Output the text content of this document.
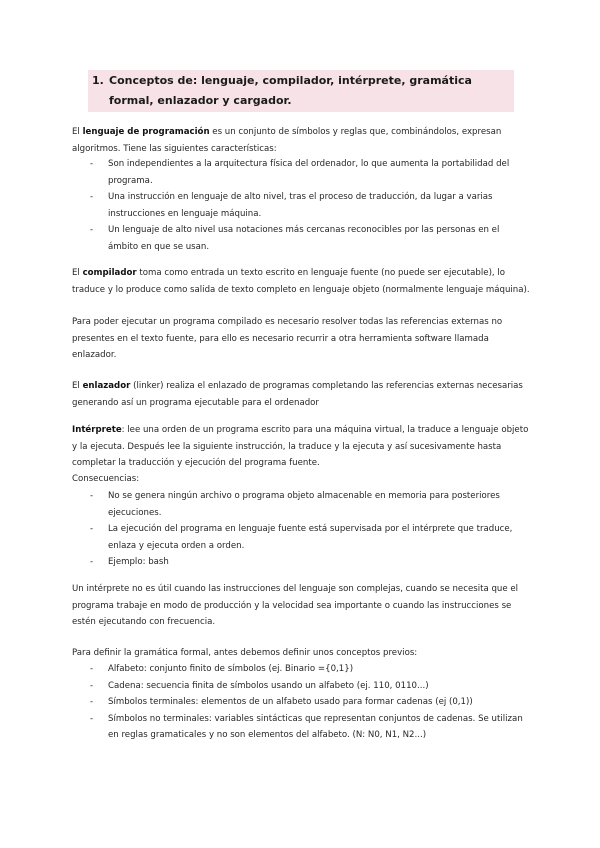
1. Conceptos de: lenguaje, compilador, intérprete, gramática formal, enlazador y cargador.

El lenguaje de programación es un conjunto de símbolos y reglas que, combinándolos, expresan algoritmos. Tiene las siguientes características:

- Son independientes a la arquitectura física del ordenador, lo que aumenta la portabilidad del programa.
- Una instrucción en lenguaje de alto nivel, tras el proceso de traducción, da lugar a varias instrucciones en lenguaje máquina.
- Un lenguaje de alto nivel usa notaciones más cercanas reconocibles por las personas en el ámbito en que se usan.

El compilador toma como entrada un texto escrito en lenguaje fuente (no puede ser ejecutable), lo traduce y lo produce como salida de texto completo en lenguaje objeto (normalmente lenguaje máquina).

Para poder ejecutar un programa compilado es necesario resolver todas las referencias externas no presentes en el texto fuente, para ello es necesario recurrir a otra herramienta software llamada enlazador.

El enlazador (linker) realiza el enlazado de programas completando las referencias externas necesarias generando así un programa ejecutable para el ordenador

Intérprete: lee una orden de un programa escrito para una máquina virtual, la traduce a lenguaje objeto y la ejecuta. Después lee la siguiente instrucción, la traduce y la ejecuta y así sucesivamente hasta completar la traducción y ejecución del programa fuente.

Consecuencias:

- No se genera ningún archivo o programa objeto almacenable en memoria para posteriores ejecuciones.
- La ejecución del programa en lenguaje fuente está supervisada por el intérprete que traduce, enlaza y ejecuta orden a orden.
- Ejemplo: bash

Un intérprete no es útil cuando las instrucciones del lenguaje son complejas, cuando se necesita que el programa trabaje en modo de producción y la velocidad sea importante o cuando las instrucciones se estén ejecutando con frecuencia.

Para definir la gramática formal, antes debemos definir unos conceptos previos:

- Alfabeto: conjunto finito de símbolos (ej. Binario ={0,1})
- Cadena: secuencia finita de símbolos usando un alfabeto (ej. 110, 0110...)
- Símbolos terminales: elementos de un alfabeto usado para formar cadenas (ej (0,1))
- Símbolos no terminales: variables sintácticas que representan conjuntos de cadenas. Se utilizan en reglas gramaticales y no son elementos del alfabeto. (N: N0, N1, N2...)
